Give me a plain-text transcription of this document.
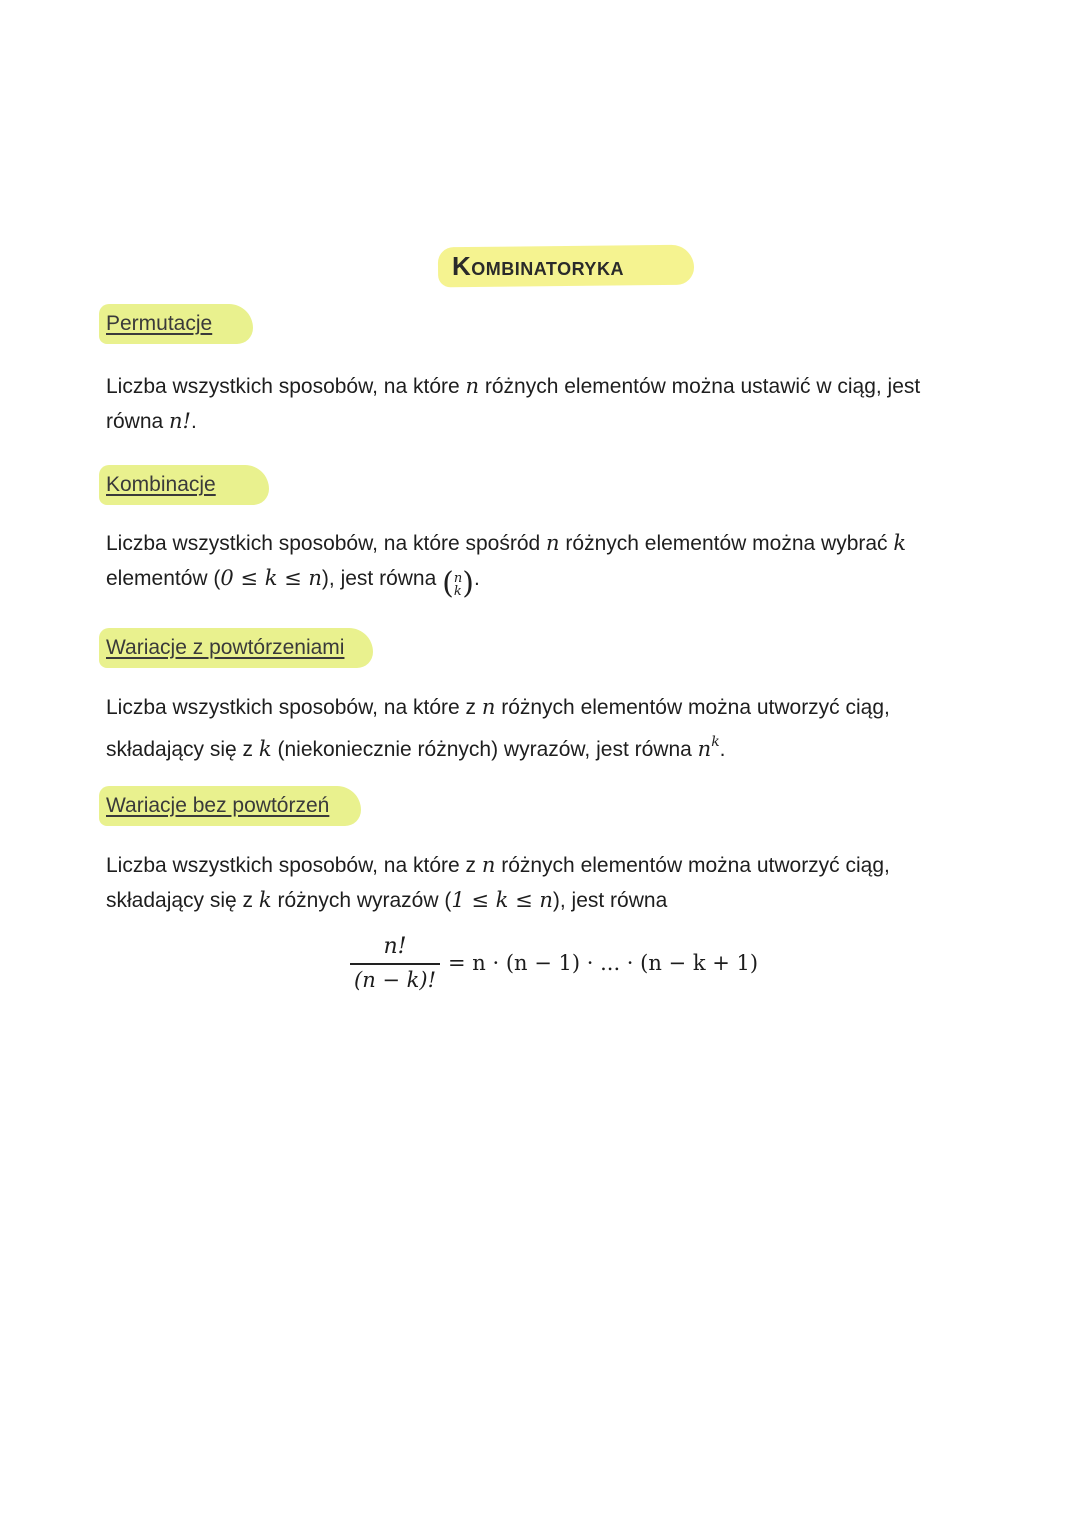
Kombinatoryka
Permutacje
Liczba wszystkich sposobów, na które n różnych elementów można ustawić w ciąg, jest
równa n!.
Kombinacje
Liczba wszystkich sposobów, na które spośród n różnych elementów można wybrać k
elementów (0 ≤ k ≤ n), jest równa ( n
k ).
Wariacje z powtórzeniami
Liczba wszystkich sposobów, na które z n różnych elementów można utworzyć ciąg,
składający się z k (niekoniecznie różnych) wyrazów, jest równa $n^k$.
Wariacje bez powtórzeń
Liczba wszystkich sposobów, na które z n różnych elementów można utworzyć ciąg,
składający się z k różnych wyrazów (1 ≤ k ≤ n), jest równa
$\frac{n!}{(n - k)!} = n \cdot (n - 1)$ · ... · (n − k + 1)
